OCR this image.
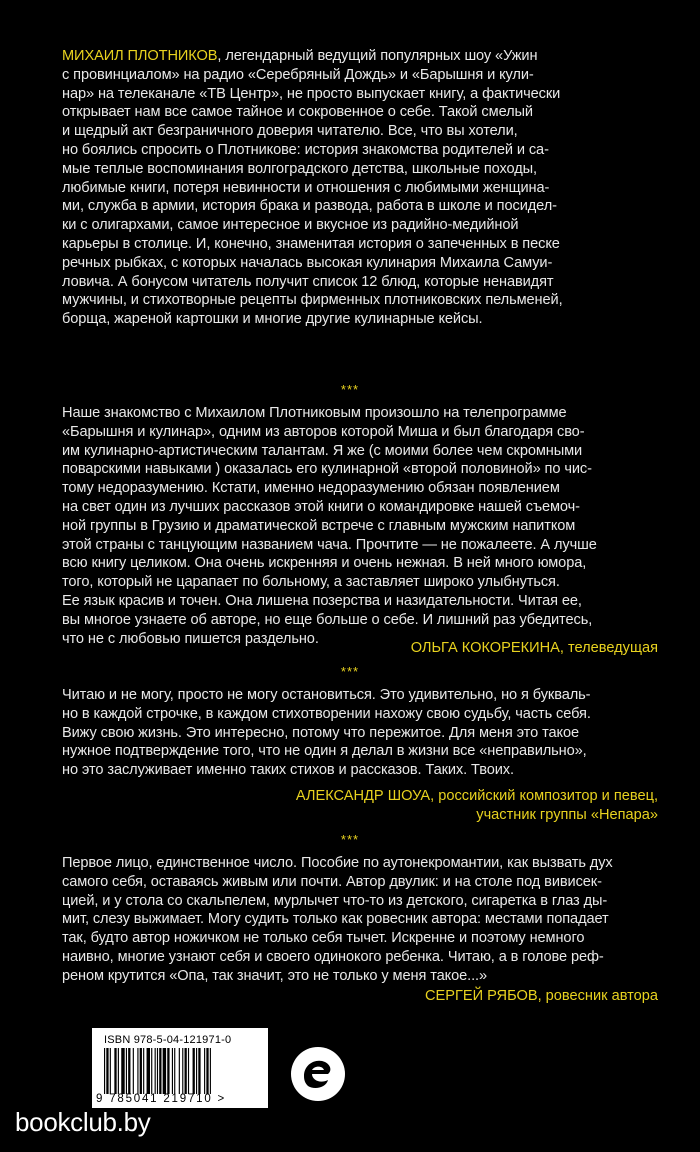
МИХАИЛ ПЛОТНИКОВ, легендарный ведущий популярных шоу «Ужин
с провинциалом» на радио «Серебряный Дождь» и «Барышня и кули-
нар» на телеканале «ТВ Центр», не просто выпускает книгу, а фактически
открывает нам все самое тайное и сокровенное о себе. Такой смелый
и щедрый акт безграничного доверия читателю. Все, что вы хотели,
но боялись спросить о Плотникове: история знакомства родителей и са-
мые теплые воспоминания волгоградского детства, школьные походы,
любимые книги, потеря невинности и отношения с любимыми женщина-
ми, служба в армии, история брака и развода, работа в школе и посидел-
ки с олигархами, самое интересное и вкусное из радийно-медийной
карьеры в столице. И, конечно, знаменитая история о запеченных в песке
речных рыбках, с которых началась высокая кулинария Михаила Самуи-
ловича. А бонусом читатель получит список 12 блюд, которые ненавидят
мужчины, и стихотворные рецепты фирменных плотниковских пельменей,
борща, жареной картошки и многие другие кулинарные кейсы.
***
Наше знакомство с Михаилом Плотниковым произошло на телепрограмме
«Барышня и кулинар», одним из авторов которой Миша и был благодаря сво-
им кулинарно-артистическим талантам. Я же (с моими более чем скромными
поварскими навыками ) оказалась его кулинарной «второй половиной» по чис-
тому недоразумению. Кстати, именно недоразумению обязан появлением
на свет один из лучших рассказов этой книги о командировке нашей съемоч-
ной группы в Грузию и драматической встрече с главным мужским напитком
этой страны с танцующим названием чача. Прочтите — не пожалеете. А лучше
всю книгу целиком. Она очень искренняя и очень нежная. В ней много юмора,
того, который не царапает по больному, а заставляет широко улыбнуться.
Ее язык красив и точен. Она лишена позерства и назидательности. Читая ее,
вы многое узнаете об авторе, но еще больше о себе. И лишний раз убедитесь,
что не с любовью пишется раздельно.
ОЛЬГА КОКОРЕКИНА, телеведущая
***
Читаю и не могу, просто не могу остановиться. Это удивительно, но я букваль-
но в каждой строчке, в каждом стихотворении нахожу свою судьбу, часть себя.
Вижу свою жизнь. Это интересно, потому что пережитое. Для меня это такое
нужное подтверждение того, что не один я делал в жизни все «неправильно»,
но это заслуживает именно таких стихов и рассказов. Таких. Твоих.
АЛЕКСАНДР ШОУА, российский композитор и певец,
участник группы «Непара»
***
Первое лицо, единственное число. Пособие по аутонекромантии, как вызвать дух
самого себя, оставаясь живым или почти. Автор двулик: и на столе под вивисек-
цией, и у стола со скальпелем, мурлычет что-то из детского, сигаретка в глаз ды-
мит, слезу выжимает. Могу судить только как ровесник автора: местами попадает
так, будто автор ножичком не только себя тычет. Искренне и поэтому немного
наивно, многие узнают себя и своего одинокого ребенка. Читаю, а в голове реф-
реном крутится «Опа, так значит, это не только у меня такое...»
СЕРГЕЙ РЯБОВ, ровесник автора
ISBN 978-5-04-121971-0
9 785041 219710 >
bookclub.by
